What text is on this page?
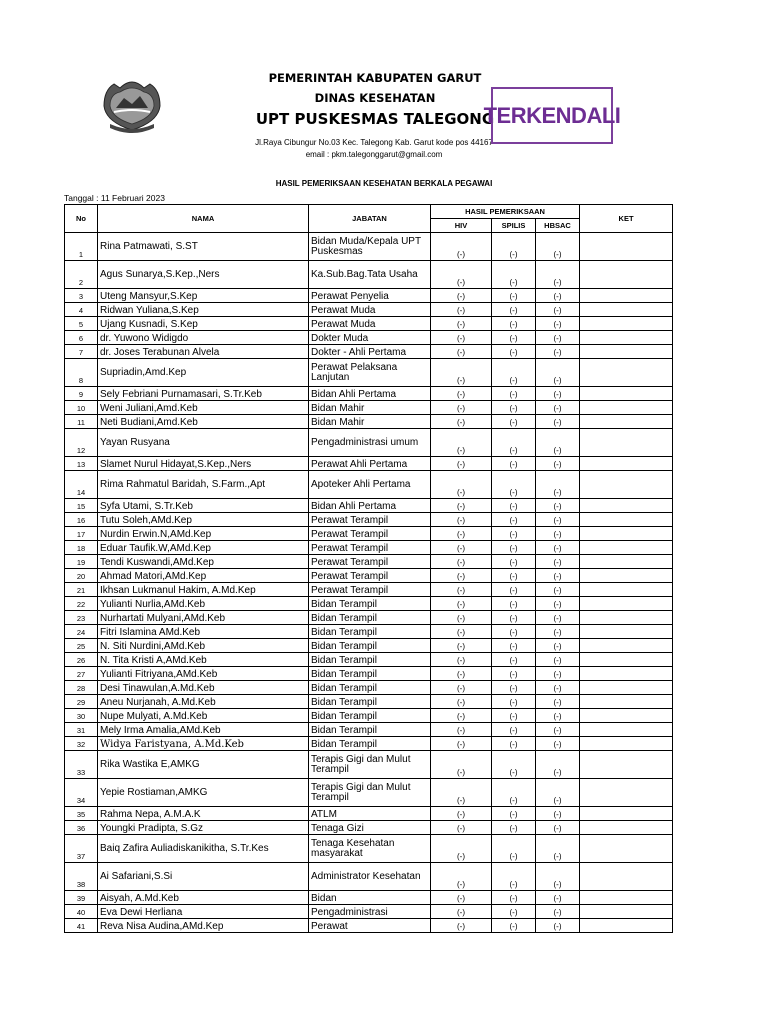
PEMERINTAH KABUPATEN GARUT
DINAS KESEHATAN
UPT PUSKESMAS TALEGONG
Jl.Raya Cibungur No.03 Kec. Talegong Kab. Garut kode pos 44167
email : pkm.talegonggarut@gmail.com
TERKENDALI
HASIL PEMERIKSAAN KESEHATAN BERKALA PEGAWAI
Tanggal : 11 Februari 2023
No	NAMA	JABATAN	HASIL PEMERIKSAAN			KET
			HIV	SPILIS	HBSAC	
1	Rina Patmawati, S.ST	Bidan Muda/Kepala UPT Puskesmas	(-)	(-)	(-)	
2	Agus Sunarya,S.Kep.,Ners	Ka.Sub.Bag.Tata Usaha	(-)	(-)	(-)	
3	Uteng Mansyur,S.Kep	Perawat Penyelia	(-)	(-)	(-)	
4	Ridwan Yuliana,S.Kep	Perawat Muda	(-)	(-)	(-)	
5	Ujang Kusnadi, S.Kep	Perawat Muda	(-)	(-)	(-)	
6	dr. Yuwono Widigdo	Dokter Muda	(-)	(-)	(-)	
7	dr. Joses Terabunan Alvela	Dokter - Ahli Pertama	(-)	(-)	(-)	
8	Supriadin,Amd.Kep	Perawat Pelaksana Lanjutan	(-)	(-)	(-)	
9	Sely Febriani Purnamasari, S.Tr.Keb	Bidan Ahli Pertama	(-)	(-)	(-)	
10	Weni Juliani,Amd.Keb	Bidan Mahir	(-)	(-)	(-)	
11	Neti Budiani,Amd.Keb	Bidan Mahir	(-)	(-)	(-)	
12	Yayan Rusyana	Pengadministrasi umum	(-)	(-)	(-)	
13	Slamet Nurul Hidayat,S.Kep.,Ners	Perawat Ahli Pertama	(-)	(-)	(-)	
14	Rima Rahmatul Baridah, S.Farm.,Apt	Apoteker Ahli Pertama	(-)	(-)	(-)	
15	Syfa Utami, S.Tr.Keb	Bidan Ahli Pertama	(-)	(-)	(-)	
16	Tutu Soleh,AMd.Kep	Perawat Terampil	(-)	(-)	(-)	
17	Nurdin Erwin.N,AMd.Kep	Perawat Terampil	(-)	(-)	(-)	
18	Eduar Taufik.W,AMd.Kep	Perawat Terampil	(-)	(-)	(-)	
19	Tendi Kuswandi,AMd.Kep	Perawat Terampil	(-)	(-)	(-)	
20	Ahmad Matori,AMd.Kep	Perawat Terampil	(-)	(-)	(-)	
21	Ikhsan Lukmanul Hakim, A.Md.Kep	Perawat Terampil	(-)	(-)	(-)	
22	Yulianti Nurlia,AMd.Keb	Bidan Terampil	(-)	(-)	(-)	
23	Nurhartati Mulyani,AMd.Keb	Bidan Terampil	(-)	(-)	(-)	
24	Fitri Islamina AMd.Keb	Bidan Terampil	(-)	(-)	(-)	
25	N. Siti Nurdini,AMd.Keb	Bidan Terampil	(-)	(-)	(-)	
26	N. Tita Kristi A,AMd.Keb	Bidan Terampil	(-)	(-)	(-)	
27	Yulianti Fitriyana,AMd.Keb	Bidan Terampil	(-)	(-)	(-)	
28	Desi Tinawulan,A.Md.Keb	Bidan Terampil	(-)	(-)	(-)	
29	Aneu Nurjanah, A.Md.Keb	Bidan Terampil	(-)	(-)	(-)	
30	Nupe Mulyati, A.Md.Keb	Bidan Terampil	(-)	(-)	(-)	
31	Mely Irma Amalia,AMd.Keb	Bidan Terampil	(-)	(-)	(-)	
32	Widya Faristyana, A.Md.Keb	Bidan Terampil	(-)	(-)	(-)	
33	Rika Wastika E,AMKG	Terapis Gigi dan Mulut Terampil	(-)	(-)	(-)	
34	Yepie Rostiaman,AMKG	Terapis Gigi dan Mulut Terampil	(-)	(-)	(-)	
35	Rahma Nepa, A.M.A.K	ATLM	(-)	(-)	(-)	
36	Youngki Pradipta, S.Gz	Tenaga Gizi	(-)	(-)	(-)	
37	Baiq Zafira Auliadiskanikitha, S.Tr.Kes	Tenaga Kesehatan masyarakat	(-)	(-)	(-)	
38	Ai Safariani,S.Si	Administrator Kesehatan	(-)	(-)	(-)	
39	Aisyah, A.Md.Keb	Bidan	(-)	(-)	(-)	
40	Eva Dewi Herliana	Pengadministrasi	(-)	(-)	(-)	
41	Reva Nisa Audina,AMd.Kep	Perawat	(-)	(-)	(-)	
